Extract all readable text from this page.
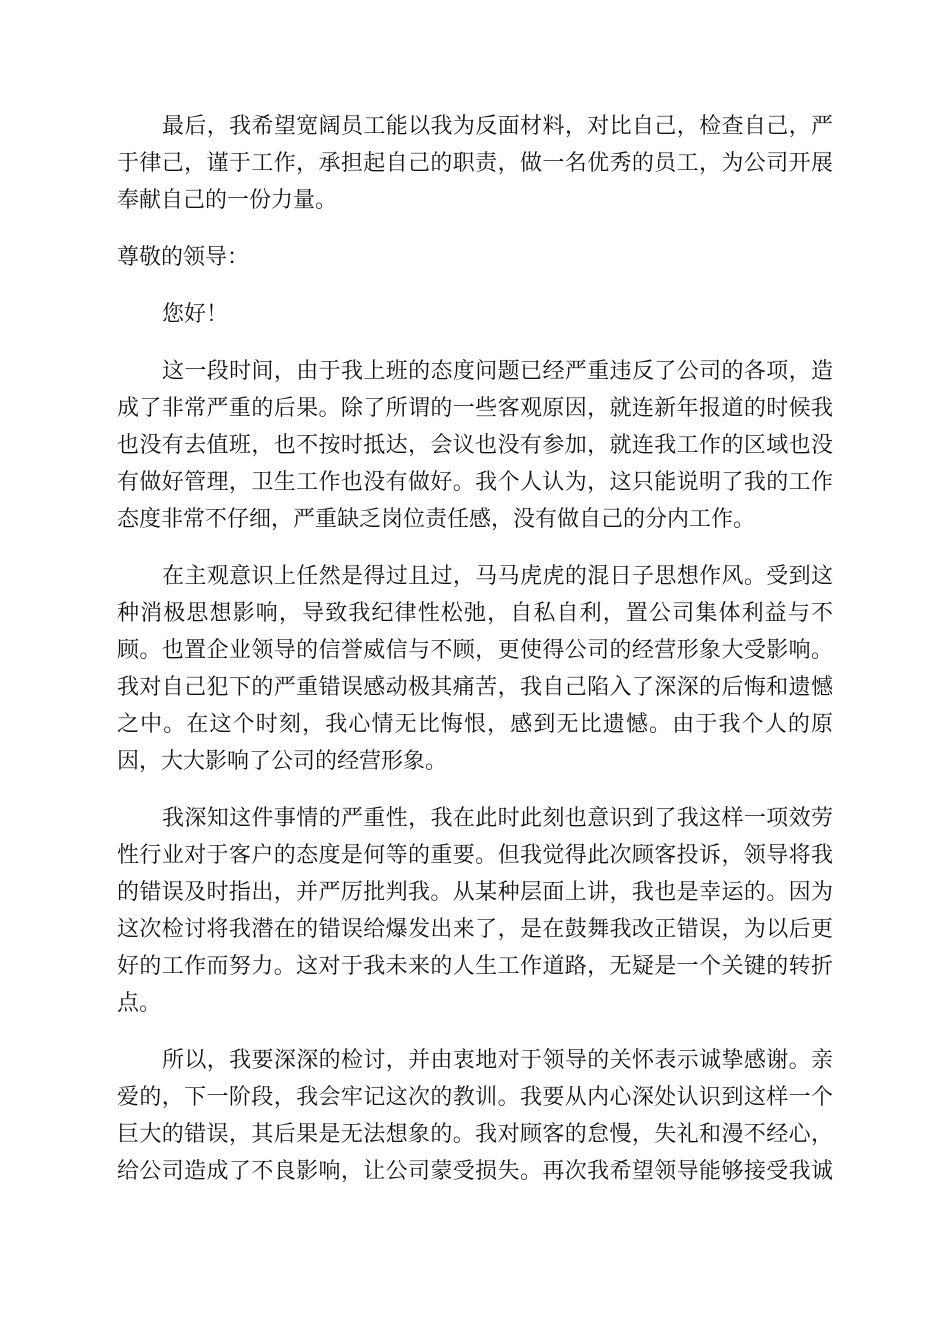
最后，我希望宽阔员工能以我为反面材料，对比自己，检查自己，严
于律己，谨于工作，承担起自己的职责，做一名优秀的员工，为公司开展
奉献自己的一份力量。
尊敬的领导：
您好！
这一段时间，由于我上班的态度问题已经严重违反了公司的各项，造
成了非常严重的后果。除了所谓的一些客观原因，就连新年报道的时候我
也没有去值班，也不按时抵达，会议也没有参加，就连我工作的区域也没
有做好管理，卫生工作也没有做好。我个人认为，这只能说明了我的工作
态度非常不仔细，严重缺乏岗位责任感，没有做自己的分内工作。
在主观意识上任然是得过且过，马马虎虎的混日子思想作风。受到这
种消极思想影响，导致我纪律性松弛，自私自利，置公司集体利益与不
顾。也置企业领导的信誉威信与不顾，更使得公司的经营形象大受影响。
我对自己犯下的严重错误感动极其痛苦，我自己陷入了深深的后悔和遗憾
之中。在这个时刻，我心情无比悔恨，感到无比遗憾。由于我个人的原
因，大大影响了公司的经营形象。
我深知这件事情的严重性，我在此时此刻也意识到了我这样一项效劳
性行业对于客户的态度是何等的重要。但我觉得此次顾客投诉，领导将我
的错误及时指出，并严厉批判我。从某种层面上讲，我也是幸运的。因为
这次检讨将我潜在的错误给爆发出来了，是在鼓舞我改正错误，为以后更
好的工作而努力。这对于我未来的人生工作道路，无疑是一个关键的转折
点。
所以，我要深深的检讨，并由衷地对于领导的关怀表示诚挚感谢。亲
爱的，下一阶段，我会牢记这次的教训。我要从内心深处认识到这样一个
巨大的错误，其后果是无法想象的。我对顾客的怠慢，失礼和漫不经心，
给公司造成了不良影响，让公司蒙受损失。再次我希望领导能够接受我诚
